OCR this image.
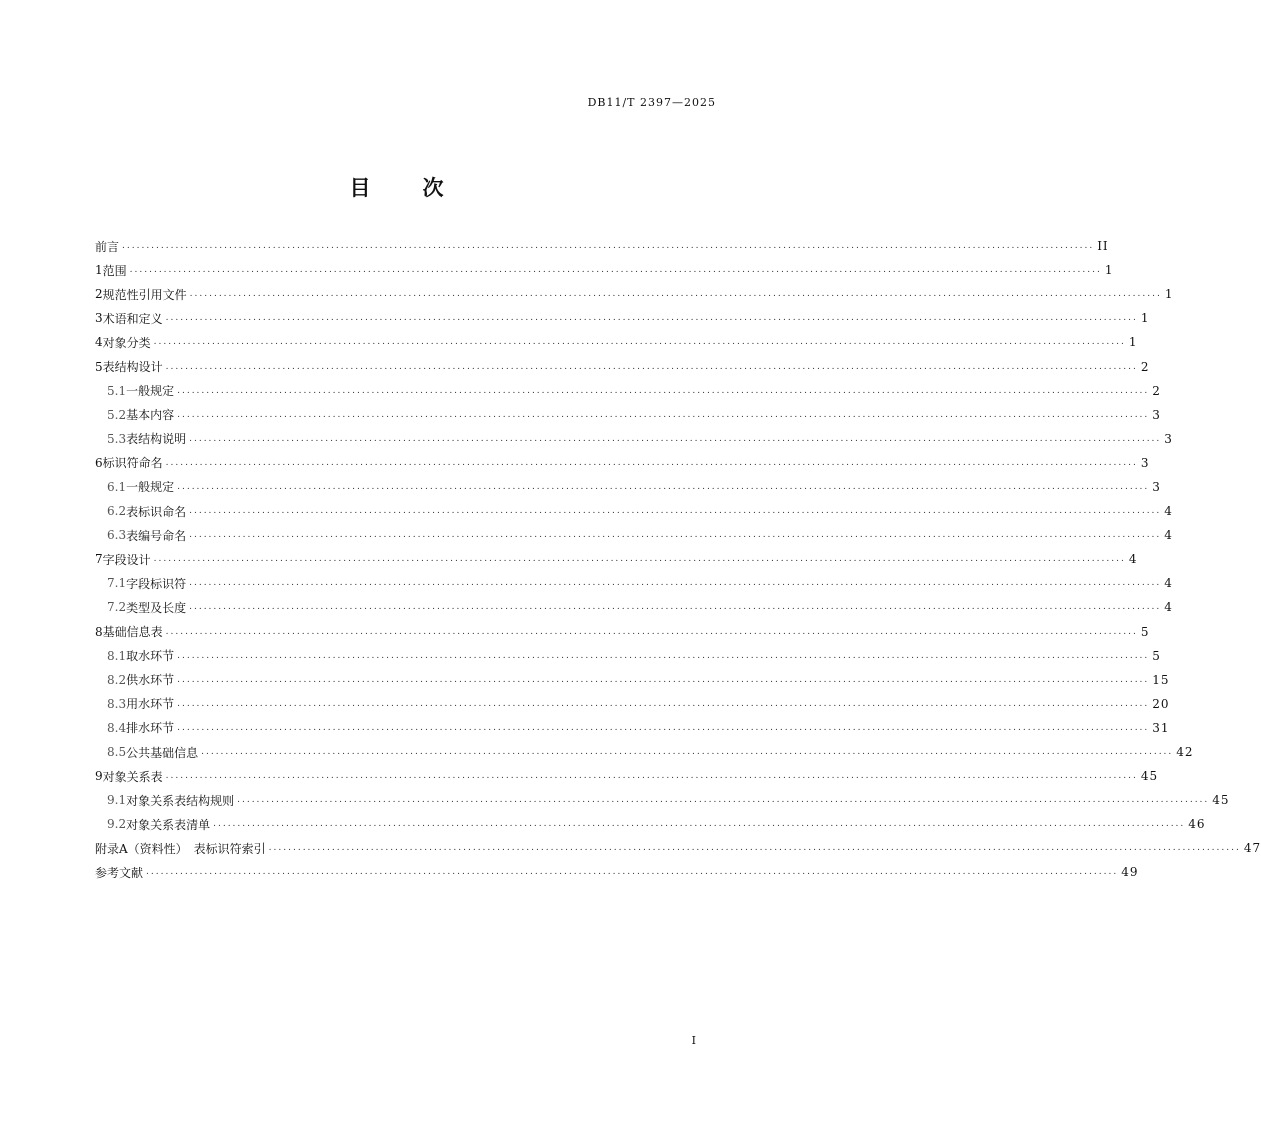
DB11/T 2397—2025
目 次
前言 ........................................................................................................................................................................................................ II
1 范围 ........................................................................................................................................................................................................ 1
2 规范性引用文件 ........................................................................................................................................................................................................ 1
3 术语和定义 ........................................................................................................................................................................................................ 1
4 对象分类 ........................................................................................................................................................................................................ 1
5 表结构设计 ........................................................................................................................................................................................................ 2
5.1 一般规定 ........................................................................................................................................................................................................ 2
5.2 基本内容 ........................................................................................................................................................................................................ 3
5.3 表结构说明 ........................................................................................................................................................................................................ 3
6 标识符命名 ........................................................................................................................................................................................................ 3
6.1 一般规定 ........................................................................................................................................................................................................ 3
6.2 表标识命名 ........................................................................................................................................................................................................ 4
6.3 表编号命名 ........................................................................................................................................................................................................ 4
7 字段设计 ........................................................................................................................................................................................................ 4
7.1 字段标识符 ........................................................................................................................................................................................................ 4
7.2 类型及长度 ........................................................................................................................................................................................................ 4
8 基础信息表 ........................................................................................................................................................................................................ 5
8.1 取水环节 ........................................................................................................................................................................................................ 5
8.2 供水环节 ........................................................................................................................................................................................................ 15
8.3 用水环节 ........................................................................................................................................................................................................ 20
8.4 排水环节 ........................................................................................................................................................................................................ 31
8.5 公共基础信息 ........................................................................................................................................................................................................ 42
9 对象关系表 ........................................................................................................................................................................................................ 45
9.1 对象关系表结构规则 ........................................................................................................................................................................................................ 45
9.2 对象关系表清单 ........................................................................................................................................................................................................ 46
附录A（资料性）　表标识符索引 ........................................................................................................................................................................................................ 47
参考文献 ........................................................................................................................................................................................................ 49
I
